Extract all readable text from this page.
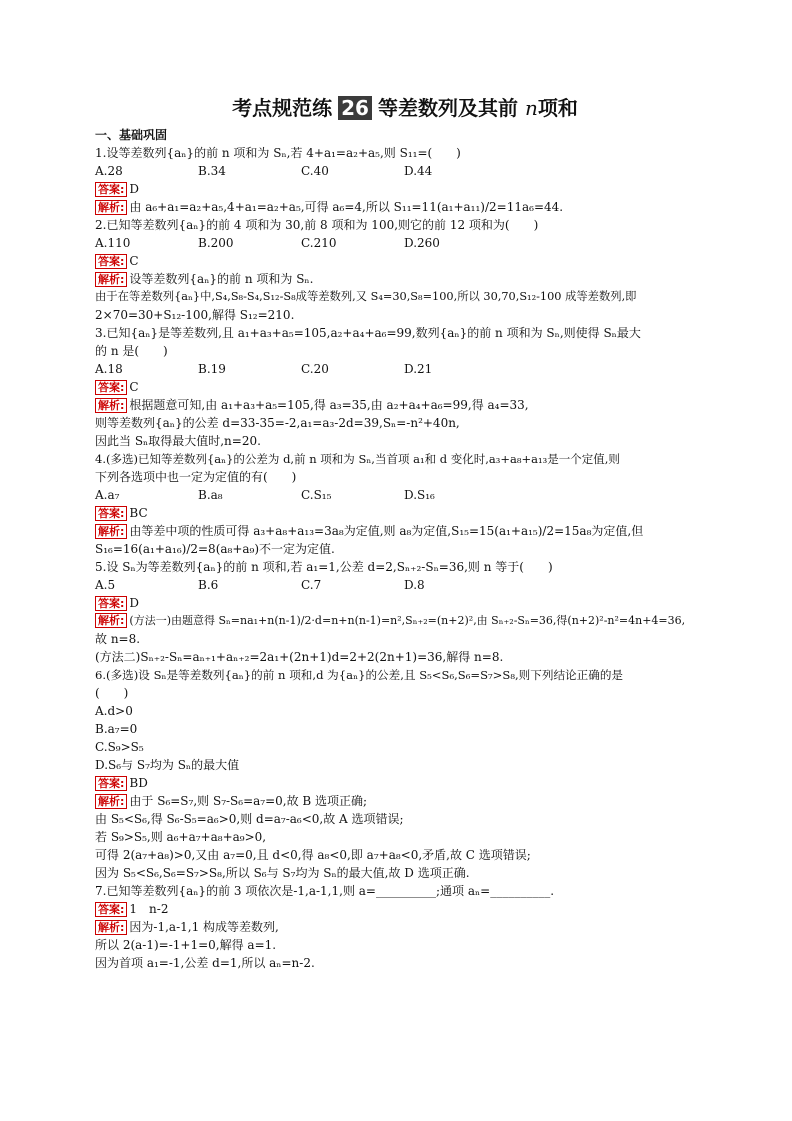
考点规范练 26 等差数列及其前 n项和
一、基础巩固
1.设等差数列{aₙ}的前 n 项和为 Sₙ,若 4+a₁=a₂+a₅,则 S₁₁=(　　)
A.28	B.34	C.40	D.44
答案: D
解析: 由 a₆+a₁=a₂+a₅,4+a₁=a₂+a₅,可得 a₆=4,所以 S₁₁=11(a₁+a₁₁)/2=11a₆=44.
2.已知等差数列{aₙ}的前 4 项和为 30,前 8 项和为 100,则它的前 12 项和为(　　)
A.110	B.200	C.210	D.260
答案: C
解析: 设等差数列{aₙ}的前 n 项和为 Sₙ.
由于在等差数列{aₙ}中,S₄,S₈-S₄,S₁₂-S₈成等差数列,又 S₄=30,S₈=100,所以 30,70,S₁₂-100 成等差数列,即
2×70=30+S₁₂-100,解得 S₁₂=210.
3.已知{aₙ}是等差数列,且 a₁+a₃+a₅=105,a₂+a₄+a₆=99,数列{aₙ}的前 n 项和为 Sₙ,则使得 Sₙ最大
的 n 是(　　)
A.18	B.19	C.20	D.21
答案: C
解析: 根据题意可知,由 a₁+a₃+a₅=105,得 a₃=35,由 a₂+a₄+a₆=99,得 a₄=33,
则等差数列{aₙ}的公差 d=33-35=-2,a₁=a₃-2d=39,Sₙ=-n²+40n,
因此当 Sₙ取得最大值时,n=20.
4.(多选)已知等差数列{aₙ}的公差为 d,前 n 项和为 Sₙ,当首项 a₁和 d 变化时,a₃+a₈+a₁₃是一个定值,则
下列各选项中也一定为定值的有(　　)
A.a₇	B.a₈	C.S₁₅	D.S₁₆
答案: BC
解析: 由等差中项的性质可得 a₃+a₈+a₁₃=3a₈为定值,则 a₈为定值,S₁₅=15(a₁+a₁₅)/2=15a₈为定值,但
S₁₆=16(a₁+a₁₆)/2=8(a₈+a₉)不一定为定值.
5.设 Sₙ为等差数列{aₙ}的前 n 项和,若 a₁=1,公差 d=2,Sₙ₊₂-Sₙ=36,则 n 等于(　　)
A.5	B.6	C.7	D.8
答案: D
解析: (方法一)由题意得 Sₙ=na₁+n(n-1)/2·d=n+n(n-1)=n²,Sₙ₊₂=(n+2)²,由 Sₙ₊₂-Sₙ=36,得(n+2)²-n²=4n+4=36,
故 n=8.
(方法二)Sₙ₊₂-Sₙ=aₙ₊₁+aₙ₊₂=2a₁+(2n+1)d=2+2(2n+1)=36,解得 n=8.
6.(多选)设 Sₙ是等差数列{aₙ}的前 n 项和,d 为{aₙ}的公差,且 S₅<S₆,S₆=S₇>S₈,则下列结论正确的是
(　　)
A.d>0
B.a₇=0
C.S₉>S₅
D.S₆与 S₇均为 Sₙ的最大值
答案: BD
解析: 由于 S₆=S₇,则 S₇-S₆=a₇=0,故 B 选项正确;
由 S₅<S₆,得 S₆-S₅=a₆>0,则 d=a₇-a₆<0,故 A 选项错误;
若 S₉>S₅,则 a₆+a₇+a₈+a₉>0,
可得 2(a₇+a₈)>0,又由 a₇=0,且 d<0,得 a₈<0,即 a₇+a₈<0,矛盾,故 C 选项错误;
因为 S₅<S₆,S₆=S₇>S₈,所以 S₆与 S₇均为 Sₙ的最大值,故 D 选项正确.
7.已知等差数列{aₙ}的前 3 项依次是-1,a-1,1,则 a=__________;通项 aₙ=__________.
答案: 1　n-2
解析: 因为-1,a-1,1 构成等差数列,
所以 2(a-1)=-1+1=0,解得 a=1.
因为首项 a₁=-1,公差 d=1,所以 aₙ=n-2.
